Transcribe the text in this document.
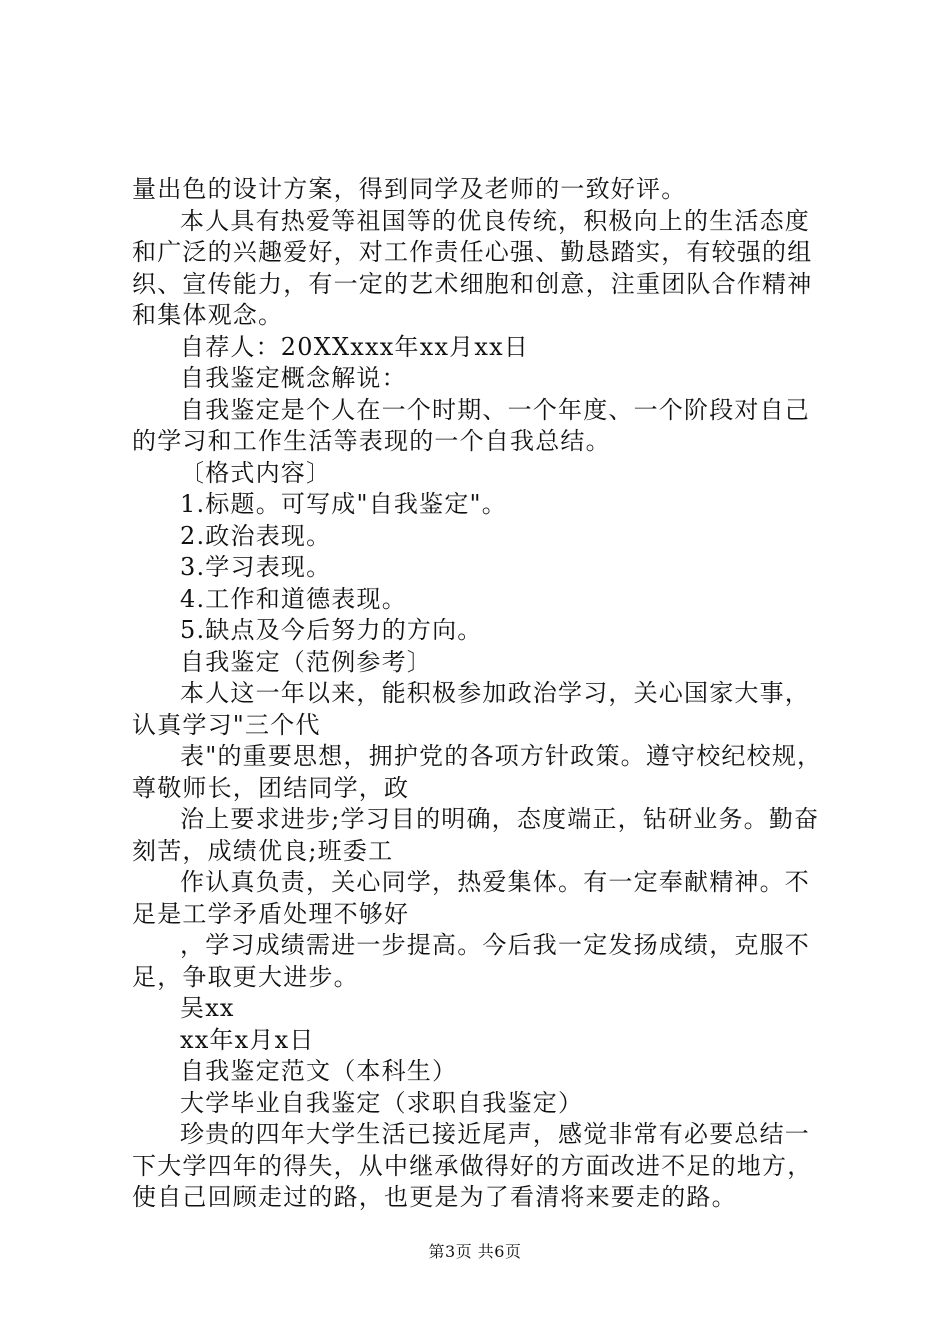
量出色的设计方案，得到同学及老师的一致好评。
本人具有热爱等祖国等的优良传统，积极向上的生活态度
和广泛的兴趣爱好，对工作责任心强、勤恳踏实，有较强的组
织、宣传能力，有一定的艺术细胞和创意，注重团队合作精神
和集体观念。
自荐人：20XXxxx年xx月xx日
自我鉴定概念解说：
自我鉴定是个人在一个时期、一个年度、一个阶段对自己
的学习和工作生活等表现的一个自我总结。
〔格式内容〕
1.标题。可写成"自我鉴定"。
2.政治表现。
3.学习表现。
4.工作和道德表现。
5.缺点及今后努力的方向。
自我鉴定（范例参考〕
本人这一年以来，能积极参加政治学习，关心国家大事，
认真学习"三个代
表"的重要思想，拥护党的各项方针政策。遵守校纪校规，
尊敬师长，团结同学，政
治上要求进步;学习目的明确，态度端正，钻研业务。勤奋
刻苦，成绩优良;班委工
作认真负责，关心同学，热爱集体。有一定奉献精神。不
足是工学矛盾处理不够好
，学习成绩需进一步提高。今后我一定发扬成绩，克服不
足，争取更大进步。
吴xx
xx年x月x日
自我鉴定范文（本科生）
大学毕业自我鉴定（求职自我鉴定）
珍贵的四年大学生活已接近尾声，感觉非常有必要总结一
下大学四年的得失，从中继承做得好的方面改进不足的地方，
使自己回顾走过的路，也更是为了看清将来要走的路。
第3页 共6页
